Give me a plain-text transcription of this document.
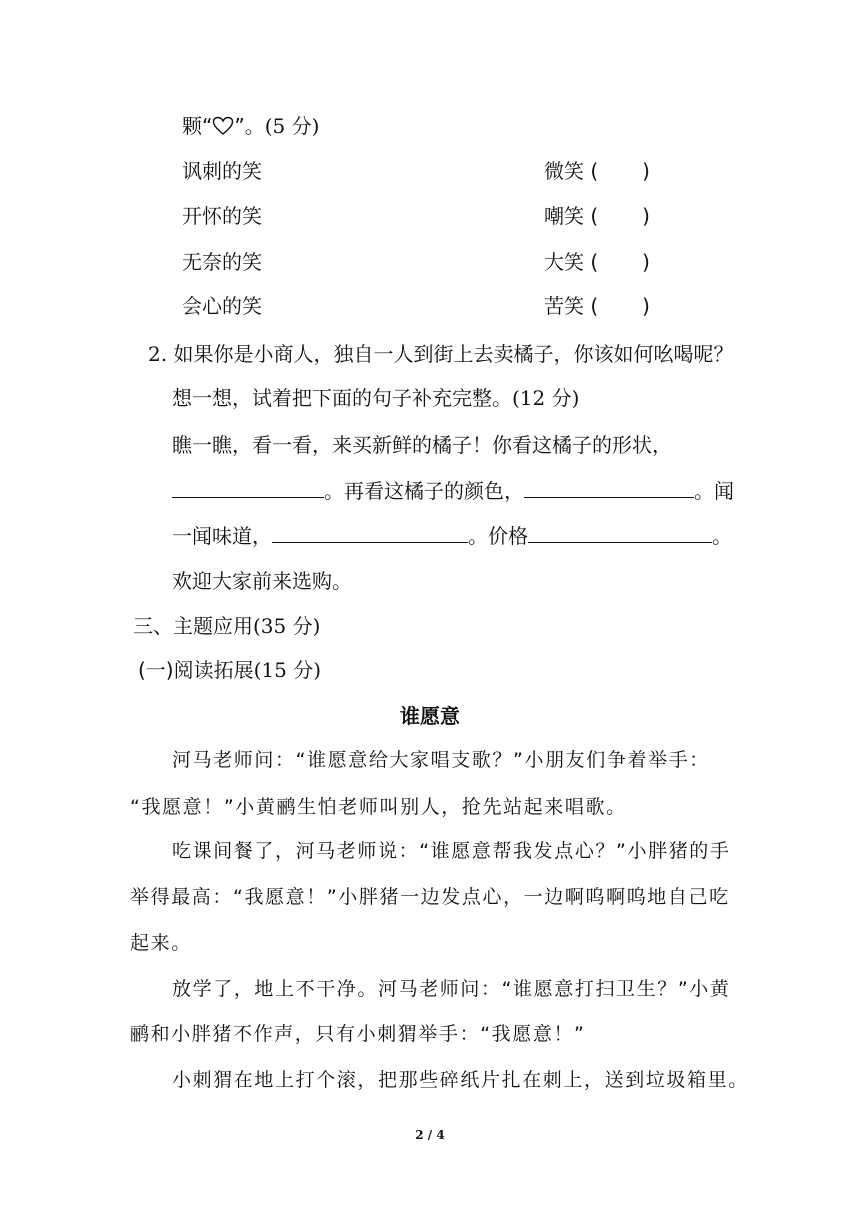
颗“ ”。(5 分)
讽刺的笑	微笑 ( )
开怀的笑	嘲笑 ( )
无奈的笑	大笑 ( )
会心的笑	苦笑 ( )
2. 如果你是小商人，独自一人到街上去卖橘子，你该如何吆喝呢？
想一想，试着把下面的句子补充完整。(12 分)
瞧一瞧，看一看，来买新鲜的橘子！你看这橘子的形状，
。再看这橘子的颜色，	。闻
一闻味道，	。价格	。
欢迎大家前来选购。
三、主题应用(35 分)
(一)阅读拓展(15 分)
谁愿意
河马老师问：“谁愿意给大家唱支歌？”小朋友们争着举手：
“我愿意！”小黄鹂生怕老师叫别人，抢先站起来唱歌。
吃课间餐了，河马老师说：“谁愿意帮我发点心？”小胖猪的手
举得最高：“我愿意！”小胖猪一边发点心，一边啊呜啊呜地自己吃
起来。
放学了，地上不干净。河马老师问：“谁愿意打扫卫生？”小黄
鹂和小胖猪不作声，只有小刺猬举手：“我愿意！”
小刺猬在地上打个滚，把那些碎纸片扎在刺上，送到垃圾箱里。
2 / 4
